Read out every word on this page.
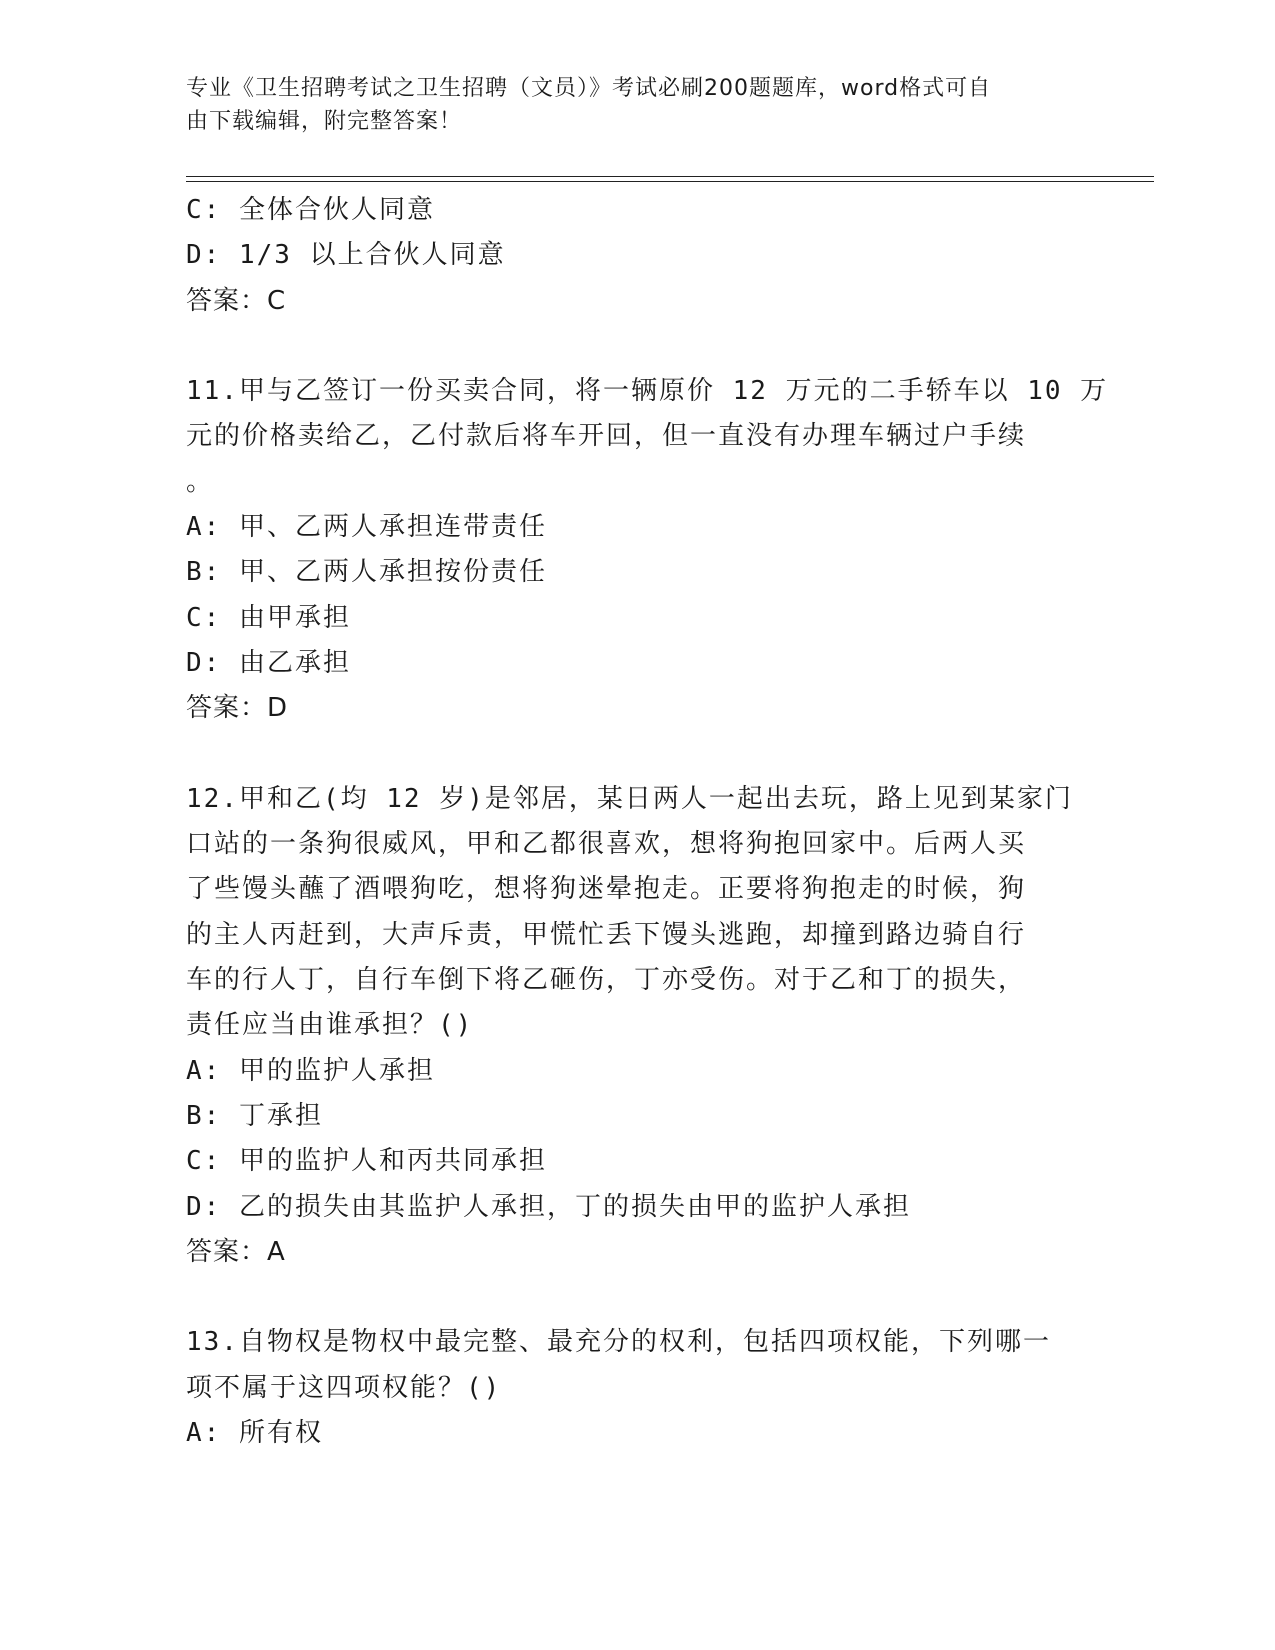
专业《卫生招聘考试之卫生招聘（文员）》考试必刷200题题库，word格式可自
由下载编辑，附完整答案！
C: 全体合伙人同意
D: 1/3 以上合伙人同意
答案：C
11.甲与乙签订一份买卖合同，将一辆原价 12 万元的二手轿车以 10 万
元的价格卖给乙，乙付款后将车开回，但一直没有办理车辆过户手续
。
A: 甲、乙两人承担连带责任
B: 甲、乙两人承担按份责任
C: 由甲承担
D: 由乙承担
答案：D
12.甲和乙(均 12 岁)是邻居，某日两人一起出去玩，路上见到某家门
口站的一条狗很威风，甲和乙都很喜欢，想将狗抱回家中。后两人买
了些馒头蘸了酒喂狗吃，想将狗迷晕抱走。正要将狗抱走的时候，狗
的主人丙赶到，大声斥责，甲慌忙丢下馒头逃跑，却撞到路边骑自行
车的行人丁，自行车倒下将乙砸伤，丁亦受伤。对于乙和丁的损失，
责任应当由谁承担？()
A: 甲的监护人承担
B: 丁承担
C: 甲的监护人和丙共同承担
D: 乙的损失由其监护人承担，丁的损失由甲的监护人承担
答案：A
13.自物权是物权中最完整、最充分的权利，包括四项权能，下列哪一
项不属于这四项权能？()
A: 所有权
